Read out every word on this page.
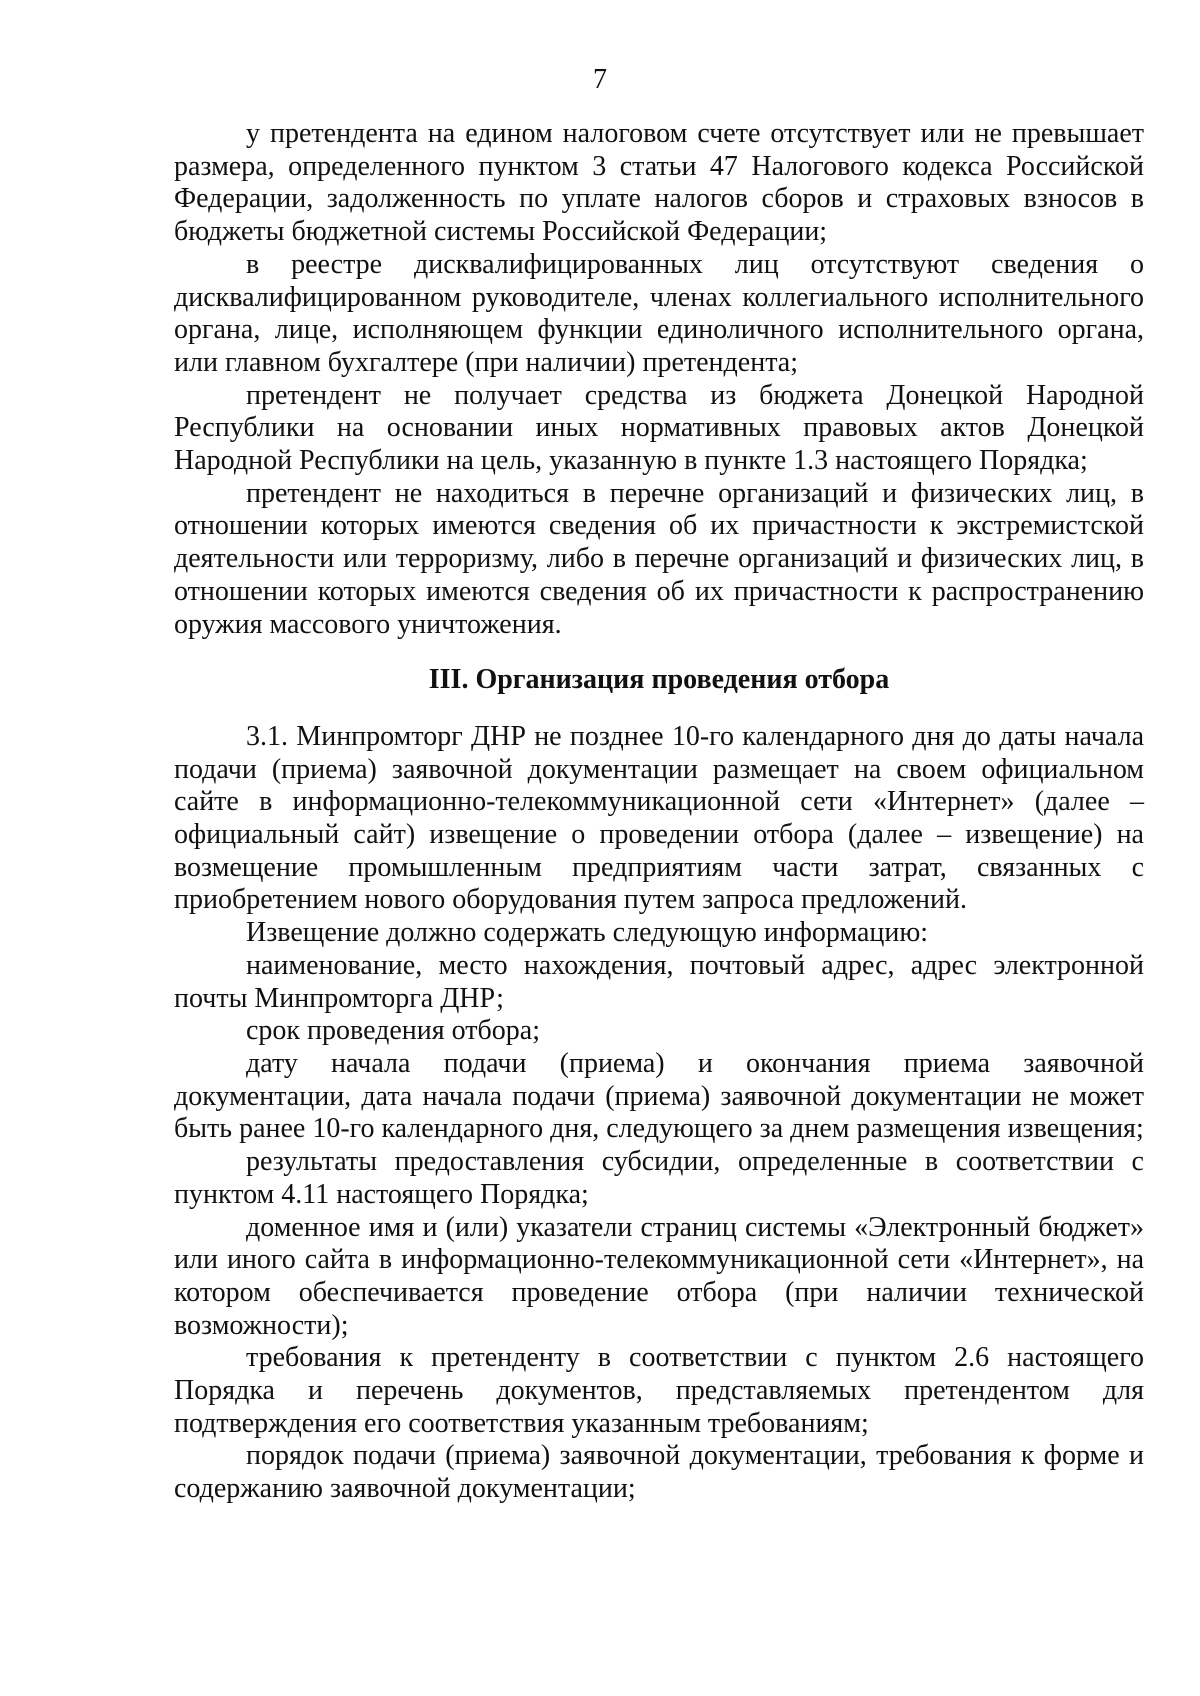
7

у претендента на едином налоговом счете отсутствует или не превышает размера, определенного пунктом 3 статьи 47 Налогового кодекса Российской Федерации, задолженность по уплате налогов сборов и страховых взносов в бюджеты бюджетной системы Российской Федерации;

в реестре дисквалифицированных лиц отсутствуют сведения о дисквалифицированном руководителе, членах коллегиального исполнительного органа, лице, исполняющем функции единоличного исполнительного органа, или главном бухгалтере (при наличии) претендента;

претендент не получает средства из бюджета Донецкой Народной Республики на основании иных нормативных правовых актов Донецкой Народной Республики на цель, указанную в пункте 1.3 настоящего Порядка;

претендент не находиться в перечне организаций и физических лиц, в отношении которых имеются сведения об их причастности к экстремистской деятельности или терроризму, либо в перечне организаций и физических лиц, в отношении которых имеются сведения об их причастности к распространению оружия массового уничтожения.

III. Организация проведения отбора

3.1. Минпромторг ДНР не позднее 10-го календарного дня до даты начала подачи (приема) заявочной документации размещает на своем официальном сайте в информационно-телекоммуникационной сети «Интернет» (далее – официальный сайт) извещение о проведении отбора (далее – извещение) на возмещение промышленным предприятиям части затрат, связанных с приобретением нового оборудования путем запроса предложений.

Извещение должно содержать следующую информацию:

наименование, место нахождения, почтовый адрес, адрес электронной почты Минпромторга ДНР;

срок проведения отбора;

дату начала подачи (приема) и окончания приема заявочной документации, дата начала подачи (приема) заявочной документации не может быть ранее 10-го календарного дня, следующего за днем размещения извещения;

результаты предоставления субсидии, определенные в соответствии с пунктом 4.11 настоящего Порядка;

доменное имя и (или) указатели страниц системы «Электронный бюджет» или иного сайта в информационно-телекоммуникационной сети «Интернет», на котором обеспечивается проведение отбора (при наличии технической возможности);

требования к претенденту в соответствии с пунктом 2.6 настоящего Порядка и перечень документов, представляемых претендентом для подтверждения его соответствия указанным требованиям;

порядок подачи (приема) заявочной документации, требования к форме и содержанию заявочной документации;
